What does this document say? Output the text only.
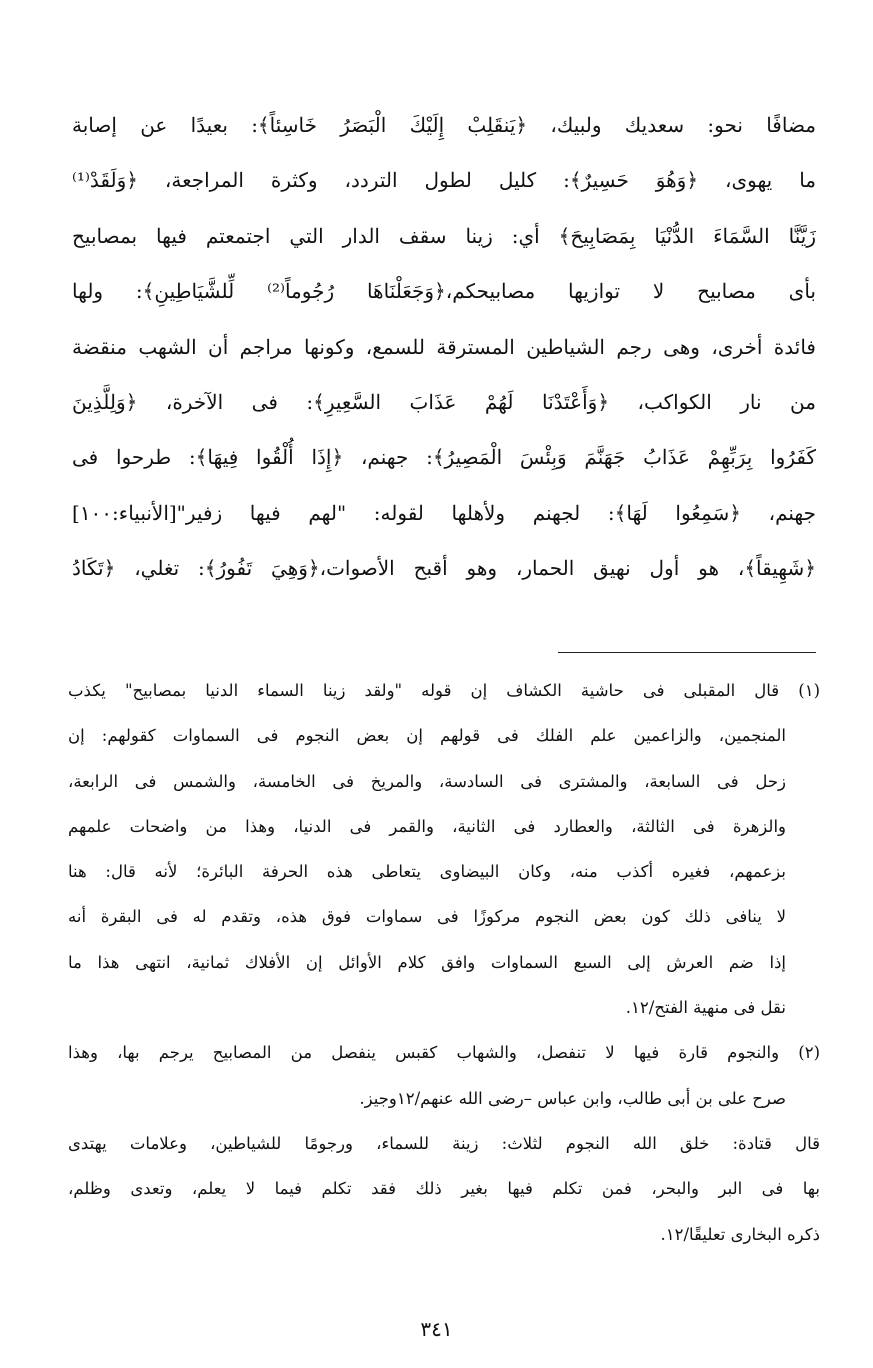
مضافًا نحو: سعديك ولبيك، ﴿يَنقَلِبْ إِلَيْكَ الْبَصَرُ خَاسِئاً﴾: بعيدًا عن إصابة
ما يهوى، ﴿وَهُوَ حَسِيرٌ﴾: كليل لطول التردد، وكثرة المراجعة، ﴿وَلَقَدْ⁽¹⁾
زَيَّنَّا السَّمَاءَ الدُّنْيَا بِمَصَابِيحَ﴾ أي: زينا سقف الدار التي اجتمعتم فيها بمصابيح
بأى مصابيح لا توازيها مصابيحكم،﴿وَجَعَلْنَاهَا رُجُوماً⁽²⁾ لِّلشَّيَاطِينِ﴾: ولها
فائدة أخرى، وهى رجم الشياطين المسترقة للسمع، وكونها مراجم أن الشهب منقضة
من نار الكواكب، ﴿وَأَعْتَدْنَا لَهُمْ عَذَابَ السَّعِيرِ﴾: فى الآخرة، ﴿وَلِلَّذِينَ
كَفَرُوا بِرَبِّهِمْ عَذَابُ جَهَنَّمَ وَبِئْسَ الْمَصِيرُ﴾: جهنم، ﴿إِذَا أُلْقُوا فِيهَا﴾: طرحوا فى
جهنم، ﴿سَمِعُوا لَهَا﴾: لجهنم ولأهلها لقوله: "لهم فيها زفير"[الأنبياء:١٠٠]
﴿شَهِيقاً﴾، هو أول نهيق الحمار، وهو أقبح الأصوات،﴿وَهِيَ تَفُورُ﴾: تغلي، ﴿تَكَادُ
(١) قال المقبلى فى حاشية الكشاف إن قوله "ولقد زينا السماء الدنيا بمصابيح" يكذب
المنجمين، والزاعمين علم الفلك فى قولهم إن بعض النجوم فى السماوات كقولهم: إن
زحل فى السابعة، والمشترى فى السادسة، والمريخ فى الخامسة، والشمس فى الرابعة،
والزهرة فى الثالثة، والعطارد فى الثانية، والقمر فى الدنيا، وهذا من واضحات علمهم
بزعمهم، فغيره أكذب منه، وكان البيضاوى يتعاطى هذه الحرفة البائرة؛ لأنه قال: هنا
لا ينافى ذلك كون بعض النجوم مركوزًا فى سماوات فوق هذه، وتقدم له فى البقرة أنه
إذا ضم العرش إلى السبع السماوات وافق كلام الأوائل إن الأفلاك ثمانية، انتهى هذا ما
نقل فى منهية الفتح/١٢.
(٢) والنجوم قارة فيها لا تنفصل، والشهاب كقبس ينفصل من المصابيح يرجم بها، وهذا
صرح على بن أبى طالب، وابن عباس –رضى الله عنهم/١٢وجيز.
قال قتادة: خلق الله النجوم لثلاث: زينة للسماء، ورجومًا للشياطين، وعلامات يهتدى
بها فى البر والبحر، فمن تكلم فيها بغير ذلك فقد تكلم فيما لا يعلم، وتعدى وظلم،
ذكره البخارى تعليقًا/١٢.
٣٤١
